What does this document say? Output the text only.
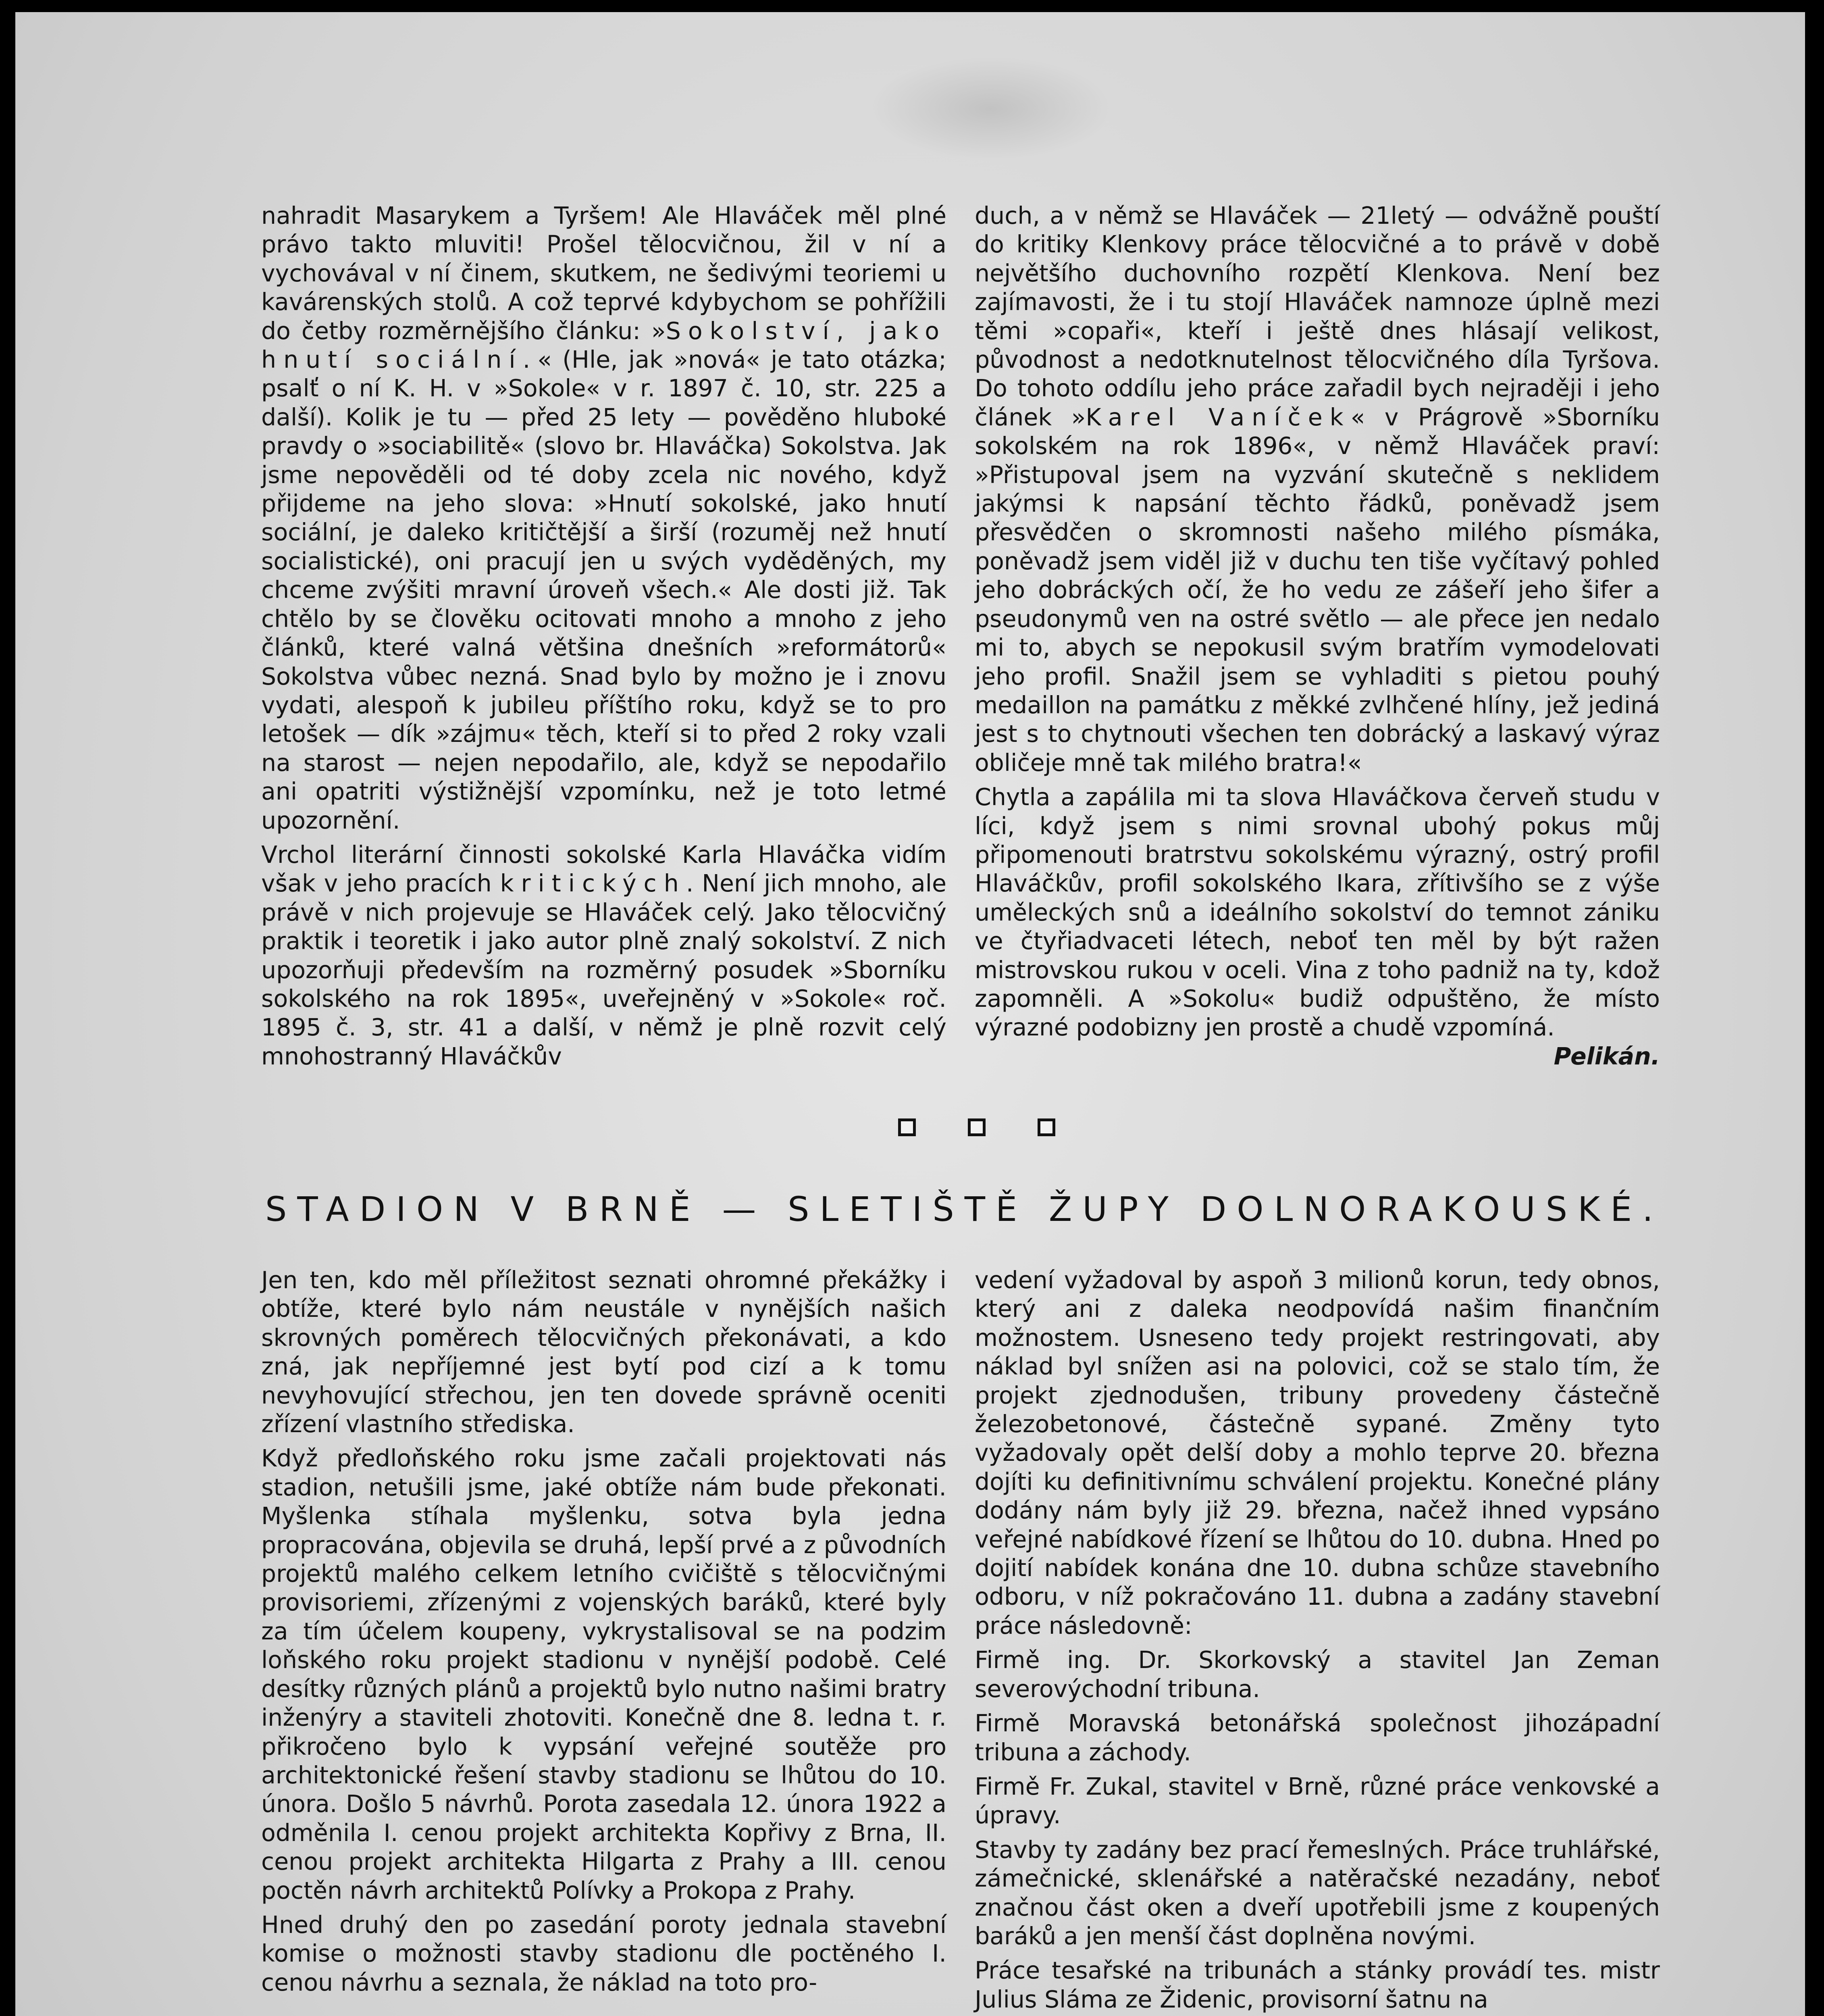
nahradit Masarykem a Tyršem! Ale Hlaváček měl plné právo takto mluviti! Prošel tělocvičnou, žil v ní a vychovával v ní činem, skutkem, ne šedivými teoriemi u kavárenských stolů. A což teprvé kdybychom se pohřížili do četby rozměrnějšího článku: »Sokolství, jako hnutí sociální.« (Hle, jak »nová« je tato otázka; psalť o ní K. H. v »Sokole« v r. 1897 č. 10, str. 225 a další). Kolik je tu — před 25 lety — pověděno hluboké pravdy o »sociabilitě« (slovo br. Hlaváčka) Sokolstva. Jak jsme nepověděli od té doby zcela nic nového, když přijdeme na jeho slova: »Hnutí sokolské, jako hnutí sociální, je daleko kritičtější a širší (rozuměj než hnutí socialistické), oni pracují jen u svých vyděděných, my chceme zvýšiti mravní úroveň všech.« Ale dosti již. Tak chtělo by se člověku ocitovati mnoho a mnoho z jeho článků, které valná většina dnešních »reformátorů« Sokolstva vůbec nezná. Snad bylo by možno je i znovu vydati, alespoň k jubileu příštího roku, když se to pro letošek — dík »zájmu« těch, kteří si to před 2 roky vzali na starost — nejen nepodařilo, ale, když se nepodařilo ani opatriti výstižnější vzpomínku, než je toto letmé upozornění.

Vrchol literární činnosti sokolské Karla Hlaváčka vidím však v jeho pracích kritických. Není jich mnoho, ale právě v nich projevuje se Hlaváček celý. Jako tělocvičný praktik i teoretik i jako autor plně znalý sokolství. Z nich upozorňuji především na rozměrný posudek »Sborníku sokolského na rok 1895«, uveřejněný v »Sokole« roč. 1895 č. 3, str. 41 a další, v němž je plně rozvit celý mnohostranný Hlaváčkův

duch, a v němž se Hlaváček — 21letý — odvážně pouští do kritiky Klenkovy práce tělocvičné a to právě v době největšího duchovního rozpětí Klenkova. Není bez zajímavosti, že i tu stojí Hlaváček namnoze úplně mezi těmi »copaři«, kteří i ještě dnes hlásají velikost, původnost a nedotknutelnost tělocvičného díla Tyršova. Do tohoto oddílu jeho práce zařadil bych nejraději i jeho článek »Karel Vaníček« v Prágrově »Sborníku sokolském na rok 1896«, v němž Hlaváček praví: »Přistupoval jsem na vyzvání skutečně s neklidem jakýmsi k napsání těchto řádků, poněvadž jsem přesvědčen o skromnosti našeho milého písmáka, poněvadž jsem viděl již v duchu ten tiše vyčítavý pohled jeho dobráckých očí, že ho vedu ze zášeří jeho šifer a pseudonymů ven na ostré světlo — ale přece jen nedalo mi to, abych se nepokusil svým bratřím vymodelovati jeho profil. Snažil jsem se vyhladiti s pietou pouhý medaillon na památku z měkké zvlhčené hlíny, jež jediná jest s to chytnouti všechen ten dobrácký a laskavý výraz obličeje mně tak milého bratra!«

Chytla a zapálila mi ta slova Hlaváčkova červeň studu v líci, když jsem s nimi srovnal ubohý pokus můj připomenouti bratrstvu sokolskému výrazný, ostrý profil Hlaváčkův, profil sokolského Ikara, zřítivšího se z výše uměleckých snů a ideálního sokolství do temnot zániku ve čtyřiadvaceti létech, neboť ten měl by být ražen mistrovskou rukou v oceli. Vina z toho padniž na ty, kdož zapomněli. A »Sokolu« budiž odpuštěno, že místo výrazné podobizny jen prostě a chudě vzpomíná.
Pelikán.

STADION V BRNĚ — SLETIŠTĚ ŽUPY DOLNORAKOUSKÉ.

Jen ten, kdo měl příležitost seznati ohromné překážky i obtíže, které bylo nám neustále v nynějších našich skrovných poměrech tělocvičných překonávati, a kdo zná, jak nepříjemné jest bytí pod cizí a k tomu nevyhovující střechou, jen ten dovede správně oceniti zřízení vlastního střediska.

Když předloňského roku jsme začali projektovati nás stadion, netušili jsme, jaké obtíže nám bude překonati. Myšlenka stíhala myšlenku, sotva byla jedna propracována, objevila se druhá, lepší prvé a z původních projektů malého celkem letního cvičiště s tělocvičnými provisoriemi, zřízenými z vojenských baráků, které byly za tím účelem koupeny, vykrystalisoval se na podzim loňského roku projekt stadionu v nynější podobě. Celé desítky různých plánů a projektů bylo nutno našimi bratry inženýry a staviteli zhotoviti. Konečně dne 8. ledna t. r. přikročeno bylo k vypsání veřejné soutěže pro architektonické řešení stavby stadionu se lhůtou do 10. února. Došlo 5 návrhů. Porota zasedala 12. února 1922 a odměnila I. cenou projekt architekta Kopřivy z Brna, II. cenou projekt architekta Hilgarta z Prahy a III. cenou poctěn návrh architektů Polívky a Prokopa z Prahy.

Hned druhý den po zasedání poroty jednala stavební komise o možnosti stavby stadionu dle poctěného I. cenou návrhu a seznala, že náklad na toto pro-

vedení vyžadoval by aspoň 3 milionů korun, tedy obnos, který ani z daleka neodpovídá našim finančním možnostem. Usneseno tedy projekt restringovati, aby náklad byl snížen asi na polovici, což se stalo tím, že projekt zjednodušen, tribuny provedeny částečně železobetonové, částečně sypané. Změny tyto vyžadovaly opět delší doby a mohlo teprve 20. března dojíti ku definitivnímu schválení projektu. Konečné plány dodány nám byly již 29. března, načež ihned vypsáno veřejné nabídkové řízení se lhůtou do 10. dubna. Hned po dojití nabídek konána dne 10. dubna schůze stavebního odboru, v níž pokračováno 11. dubna a zadány stavební práce následovně:

Firmě ing. Dr. Skorkovský a stavitel Jan Zeman severovýchodní tribuna.

Firmě Moravská betonářská společnost jihozápadní tribuna a záchody.

Firmě Fr. Zukal, stavitel v Brně, různé práce venkovské a úpravy.

Stavby ty zadány bez prací řemeslných. Práce truhlářské, zámečnické, sklenářské a natěračské nezadány, neboť značnou část oken a dveří upotřebili jsme z koupených baráků a jen menší část doplněna novými.

Práce tesařské na tribunách a stánky provádí tes. mistr Julius Sláma ze Židenic, provisorní šatnu na
